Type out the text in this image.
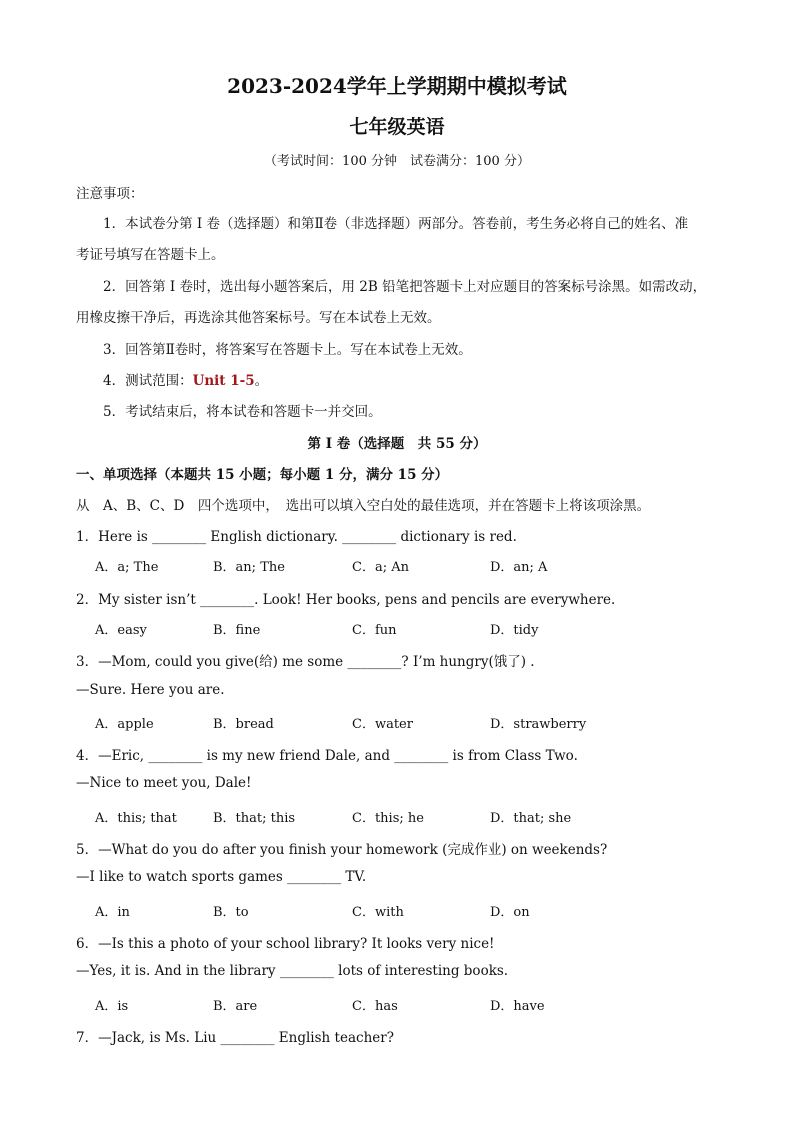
2023-2024学年上学期期中模拟考试
七年级英语
（考试时间：100 分钟　试卷满分：100 分）
注意事项：
1．本试卷分第 Ⅰ 卷（选择题）和第Ⅱ卷（非选择题）两部分。答卷前，考生务必将自己的姓名、准
考证号填写在答题卡上。
2．回答第 Ⅰ 卷时，选出每小题答案后，用 2B 铅笔把答题卡上对应题目的答案标号涂黑。如需改动，
用橡皮擦干净后，再选涂其他答案标号。写在本试卷上无效。
3．回答第Ⅱ卷时，将答案写在答题卡上。写在本试卷上无效。
4．测试范围：Unit 1-5。
5．考试结束后，将本试卷和答题卡一并交回。
第 Ⅰ 卷（选择题　共 55 分）
一、单项选择（本题共 15 小题；每小题 1 分，满分 15 分）
从　A、B、C、D　四个选项中，　选出可以填入空白处的最佳选项，并在答题卡上将该项涂黑。
1．Here is ________ English dictionary. ________ dictionary is red.
A．a; The	B．an; The	C．a; An	D．an; A
2．My sister isn’t ________. Look! Her books, pens and pencils are everywhere.
A．easy	B．fine	C．fun	D．tidy
3．—Mom, could you give(给) me some ________? I’m hungry(饿了) .
—Sure. Here you are.
A．apple	B．bread	C．water	D．strawberry
4．—Eric, ________ is my new friend Dale, and ________ is from Class Two.
—Nice to meet you, Dale!
A．this; that	B．that; this	C．this; he	D．that; she
5．—What do you do after you finish your homework (完成作业) on weekends?
—I like to watch sports games ________ TV.
A．in	B．to	C．with	D．on
6．—Is this a photo of your school library? It looks very nice!
—Yes, it is. And in the library ________ lots of interesting books.
A．is	B．are	C．has	D．have
7．—Jack, is Ms. Liu ________ English teacher?
